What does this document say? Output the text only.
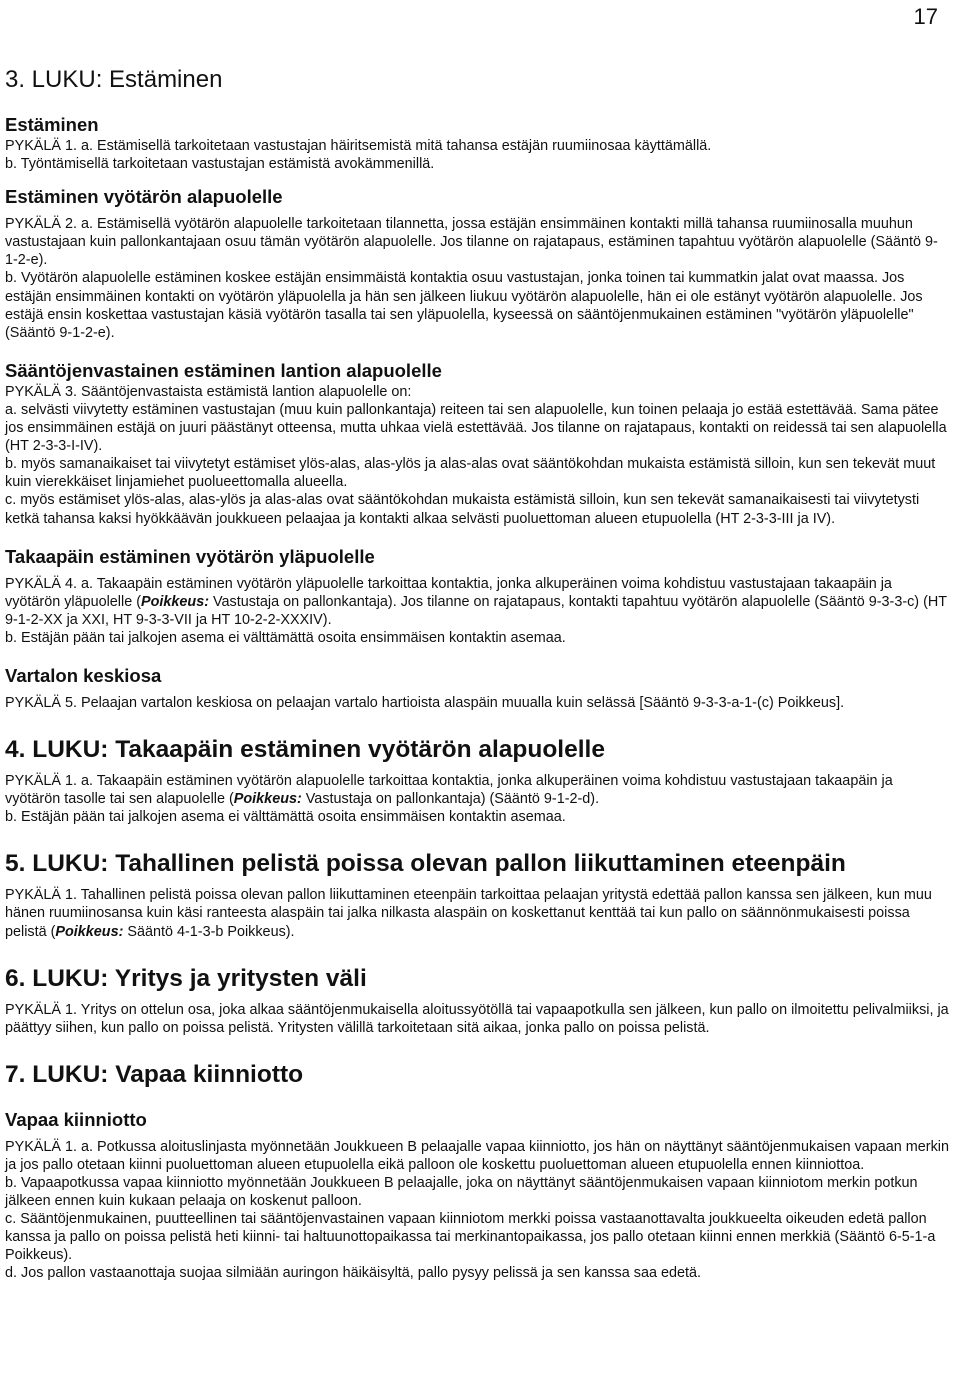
17
3. LUKU: Estäminen
Estäminen

PYKÄLÄ 1. a. Estämisellä tarkoitetaan vastustajan häiritsemistä mitä tahansa estäjän ruumiinosaa käyttämällä.

b. Työntämisellä tarkoitetaan vastustajan estämistä avokämmenillä.

Estäminen vyötärön alapuolelle

PYKÄLÄ 2. a. Estämisellä vyötärön alapuolelle tarkoitetaan tilannetta, jossa estäjän ensimmäinen kontakti millä tahansa ruumiinosalla muuhun vastustajaan kuin pallonkantajaan osuu tämän vyötärön alapuolelle. Jos tilanne on rajatapaus, estäminen tapahtuu vyötärön alapuolelle (Sääntö 9-1-2-e).

b. Vyötärön alapuolelle estäminen koskee estäjän ensimmäistä kontaktia osuu vastustajan, jonka toinen tai kummatkin jalat ovat maassa. Jos estäjän ensimmäinen kontakti on vyötärön yläpuolella ja hän sen jälkeen liukuu vyötärön alapuolelle, hän ei ole estänyt vyötärön alapuolelle. Jos estäjä ensin koskettaa vastustajan käsiä vyötärön tasalla tai sen yläpuolella, kyseessä on sääntöjenmukainen estäminen "vyötärön yläpuolelle" (Sääntö 9-1-2-e).

Sääntöjenvastainen estäminen lantion alapuolelle

PYKÄLÄ 3. Sääntöjenvastaista estämistä lantion alapuolelle on:

a. selvästi viivytetty estäminen vastustajan (muu kuin pallonkantaja) reiteen tai sen alapuolelle, kun toinen pelaaja jo estää estettävää. Sama pätee jos ensimmäinen estäjä on juuri päästänyt otteensa, mutta uhkaa vielä estettävää. Jos tilanne on rajatapaus, kontakti on reidessä tai sen alapuolella (HT 2-3-3-I-IV).

b. myös samanaikaiset tai viivytetyt estämiset ylös-alas, alas-ylös ja alas-alas ovat sääntökohdan mukaista estämistä silloin, kun sen tekevät muut kuin vierekkäiset linjamiehet puolueettomalla alueella.

c. myös estämiset ylös-alas, alas-ylös ja alas-alas ovat sääntökohdan mukaista estämistä silloin, kun sen tekevät samanaikaisesti tai viivytetysti ketkä tahansa kaksi hyökkäävän joukkueen pelaajaa ja kontakti alkaa selvästi puoluettoman alueen etupuolella (HT 2-3-3-III ja IV).

Takaapäin estäminen vyötärön yläpuolelle

PYKÄLÄ 4. a. Takaapäin estäminen vyötärön yläpuolelle tarkoittaa kontaktia, jonka alkuperäinen voima kohdistuu vastustajaan takaapäin ja vyötärön yläpuolelle (Poikkeus: Vastustaja on pallonkantaja). Jos tilanne on rajatapaus, kontakti tapahtuu vyötärön alapuolelle (Sääntö 9-3-3-c) (HT 9-1-2-XX ja XXI, HT 9-3-3-VII ja HT 10-2-2-XXXIV).

b. Estäjän pään tai jalkojen asema ei välttämättä osoita ensimmäisen kontaktin asemaa.

Vartalon keskiosa

PYKÄLÄ 5. Pelaajan vartalon keskiosa on pelaajan vartalo hartioista alaspäin muualla kuin selässä [Sääntö 9-3-3-a-1-(c) Poikkeus].

4. LUKU: Takaapäin estäminen vyötärön alapuolelle

PYKÄLÄ 1. a. Takaapäin estäminen vyötärön alapuolelle tarkoittaa kontaktia, jonka alkuperäinen voima kohdistuu vastustajaan takaapäin ja vyötärön tasolle tai sen alapuolelle (Poikkeus: Vastustaja on pallonkantaja) (Sääntö 9-1-2-d).

b. Estäjän pään tai jalkojen asema ei välttämättä osoita ensimmäisen kontaktin asemaa.

5. LUKU: Tahallinen pelistä poissa olevan pallon liikuttaminen eteenpäin

PYKÄLÄ 1. Tahallinen pelistä poissa olevan pallon liikuttaminen eteenpäin tarkoittaa pelaajan yritystä edettää pallon kanssa sen jälkeen, kun muu hänen ruumiinosansa kuin käsi ranteesta alaspäin tai jalka nilkasta alaspäin on koskettanut kenttää tai kun pallo on säännönmukaisesti poissa pelistä (Poikkeus: Sääntö 4-1-3-b Poikkeus).

6. LUKU: Yritys ja yritysten väli

PYKÄLÄ 1. Yritys on ottelun osa, joka alkaa sääntöjenmukaisella aloitussyötöllä tai vapaapotkulla sen jälkeen, kun pallo on ilmoitettu pelivalmiiksi, ja päättyy siihen, kun pallo on poissa pelistä. Yritysten välillä tarkoitetaan sitä aikaa, jonka pallo on poissa pelistä.

7. LUKU: Vapaa kiinniotto
Vapaa kiinniotto

PYKÄLÄ 1. a. Potkussa aloituslinjasta myönnetään Joukkueen B pelaajalle vapaa kiinniotto, jos hän on näyttänyt sääntöjenmukaisen vapaan merkin ja jos pallo otetaan kiinni puoluettoman alueen etupuolella eikä palloon ole koskettu puoluettoman alueen etupuolella ennen kiinniottoa.

b. Vapaapotkussa vapaa kiinniotto myönnetään Joukkueen B pelaajalle, joka on näyttänyt sääntöjenmukaisen vapaan kiinniotom merkin potkun jälkeen ennen kuin kukaan pelaaja on koskenut palloon.

c. Sääntöjenmukainen, puutteellinen tai sääntöjenvastainen vapaan kiinniotom merkki poissa vastaanottavalta joukkueelta oikeuden edetä pallon kanssa ja pallo on poissa pelistä heti kiinni- tai haltuunottopaikassa tai merkinantopaikassa, jos pallo otetaan kiinni ennen merkkiä (Sääntö 6-5-1-a Poikkeus).

d. Jos pallon vastaanottaja suojaa silmiään auringon häikäisyltä, pallo pysyy pelissä ja sen kanssa saa edetä.
